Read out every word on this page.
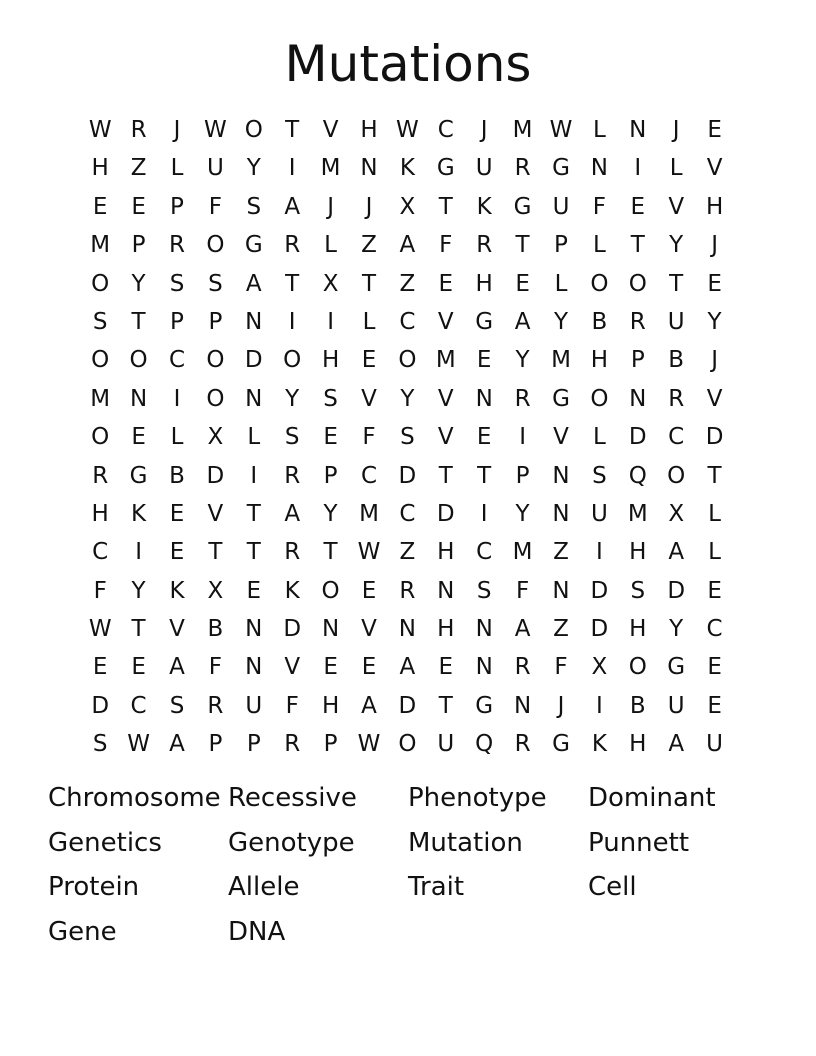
Mutations
W R	J	W O T	V H W C	J	M W L	N	J	E
H Z	L	U Y	I	M N K G U R G N	I	L	V
E	E	P	F	S	A	J	J	X	T	K G U	F	E	V H
M P	R O G R	L	Z A	F	R	T	P	L	T	Y	J
O Y	S	S	A	T	X	T	Z	E H E	L O O T	E
S	T	P	P N	I	I	L	C V G A	Y	B R U Y
O O C O D O H E O M E	Y M H P	B	J
M N	I	O N Y	S	V	Y	V N R G O N R V
O E	L	X	L	S	E	F	S	V	E	I	V	L	D C D
R G B D	I	R	P	C D T	T	P N S Q O T
H K	E	V	T	A	Y M C D	I	Y N U M X	L
C	I	E	T	T	R	T W Z H C M Z	I	H A	L
F	Y	K X	E	K O E	R N S	F	N D S D E
W T	V B N D N V N H N A Z D H Y	C
E	E	A	F	N V	E	E	A	E N R	F	X O G E
D C	S	R U	F	H A D T G N	J	I	B U E
S W A	P	P	R	P W O U Q R G K H A U
Chromosome Recessive Phenotype Dominant
Genetics	Genotype Mutation	Punnett
Protein	Allele	Trait	Cell
Gene	DNA
